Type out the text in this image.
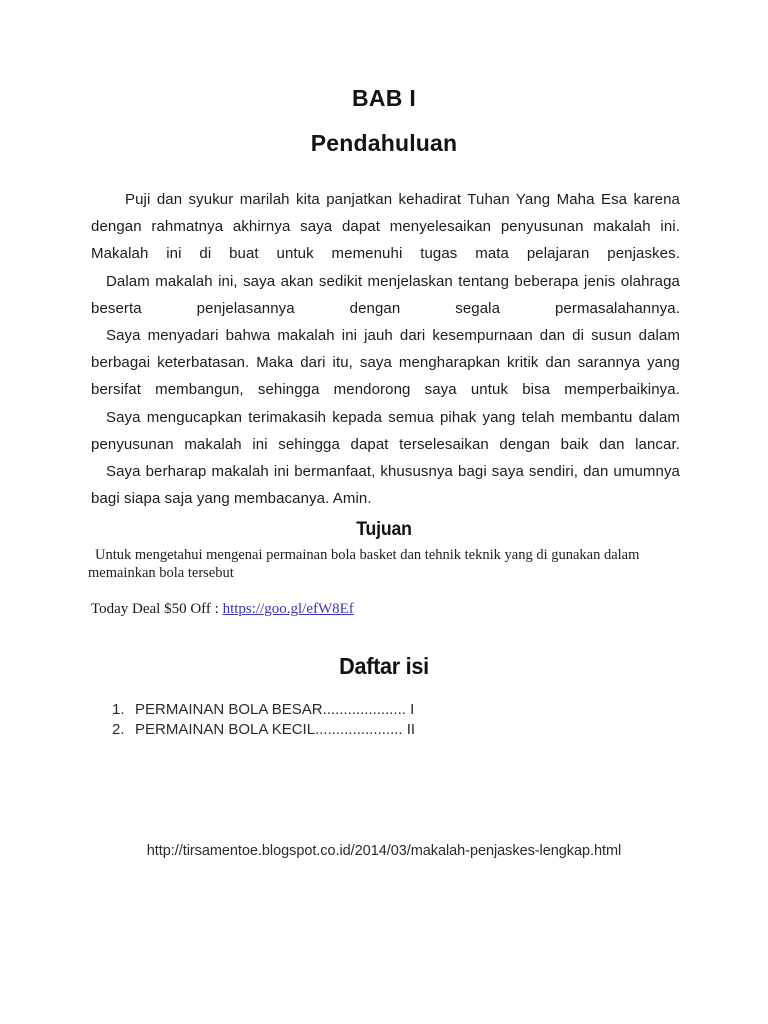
BAB I
Pendahuluan

Puji dan syukur marilah kita panjatkan kehadirat Tuhan Yang Maha Esa karena dengan rahmatnya akhirnya saya dapat menyelesaikan penyusunan makalah ini. Makalah ini di buat untuk memenuhi tugas mata pelajaran penjaskes.

Dalam makalah ini, saya akan sedikit menjelaskan tentang beberapa jenis olahraga beserta penjelasannya dengan segala permasalahannya.

Saya menyadari bahwa makalah ini jauh dari kesempurnaan dan di susun dalam berbagai keterbatasan. Maka dari itu, saya mengharapkan kritik dan sarannya yang bersifat membangun, sehingga mendorong saya untuk bisa memperbaikinya.

Saya mengucapkan terimakasih kepada semua pihak yang telah membantu dalam penyusunan makalah ini sehingga dapat terselesaikan dengan baik dan lancar.

Saya berharap makalah ini bermanfaat, khususnya bagi saya sendiri, dan umumnya bagi siapa saja yang membacanya. Amin.

Tujuan

Untuk mengetahui mengenai permainan bola basket dan tehnik teknik yang di gunakan dalam memainkan bola tersebut

Today Deal $50 Off : https://goo.gl/efW8Ef
Daftar isi
1. PERMAINAN BOLA BESAR.................... I
2. PERMAINAN BOLA KECIL..................... II

http://tirsamentoe.blogspot.co.id/2014/03/makalah-penjaskes-lengkap.html
